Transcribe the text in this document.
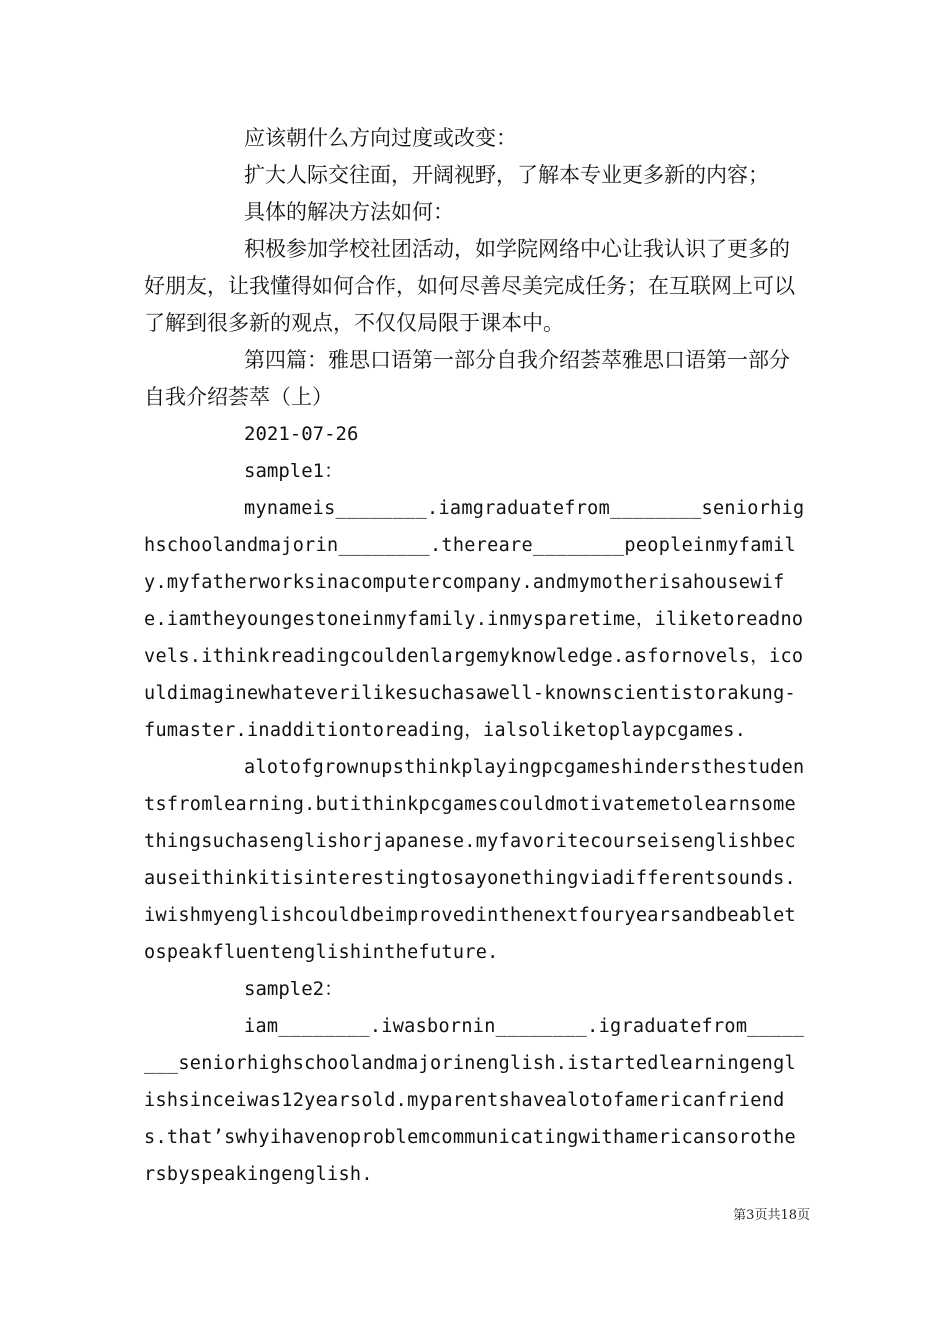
应该朝什么方向过度或改变：

扩大人际交往面，开阔视野，了解本专业更多新的内容；

具体的解决方法如何：

积极参加学校社团活动，如学院网络中心让我认识了更多的好朋友，让我懂得如何合作，如何尽善尽美完成任务；在互联网上可以了解到很多新的观点，不仅仅局限于课本中。

第四篇：雅思口语第一部分自我介绍荟萃雅思口语第一部分自我介绍荟萃（上）

2021-07-26

sample1：

mynameis________.iamgraduatefrom________seniorhighschoolandmajorin________.thereare________peopleinmyfamily.myfatherworksinacomputercompany.andmymotherisahousewife.iamtheyoungestoneinmyfamily.inmysparetime，iliketoreadnovels.ithinkreadingcouldenlargemyknowledge.asfornovels，icouldimaginewhateverilikesuchasawell-knownscientistorakung-fumaster.inadditiontoreading，ialsoliketoplaypcgames.

alotofgrownupsthinkplayingpcgameshindersthestudentsfromlearning.butithinkpcgamescouldmotivatemetolearnsomethingsuchasenglishorjapanese.myfavoritecourseisenglishbecauseithinkitisinterestingtosayonethingviadifferentsounds.iwishmyenglishcouldbeimprovedinthenextfouryearsandbeabletospeakfluentenglishinthefuture.

sample2：

iam________.iwasbornin________.igraduatefrom________seniorhighschoolandmajorinenglish.istartedlearningenglishsinceiwas12yearsold.myparentshavealotofamericanfriends.that’swhyihavenoproblemcommunicatingwithamericansorothersbyspeakingenglish.

第3页共18页
